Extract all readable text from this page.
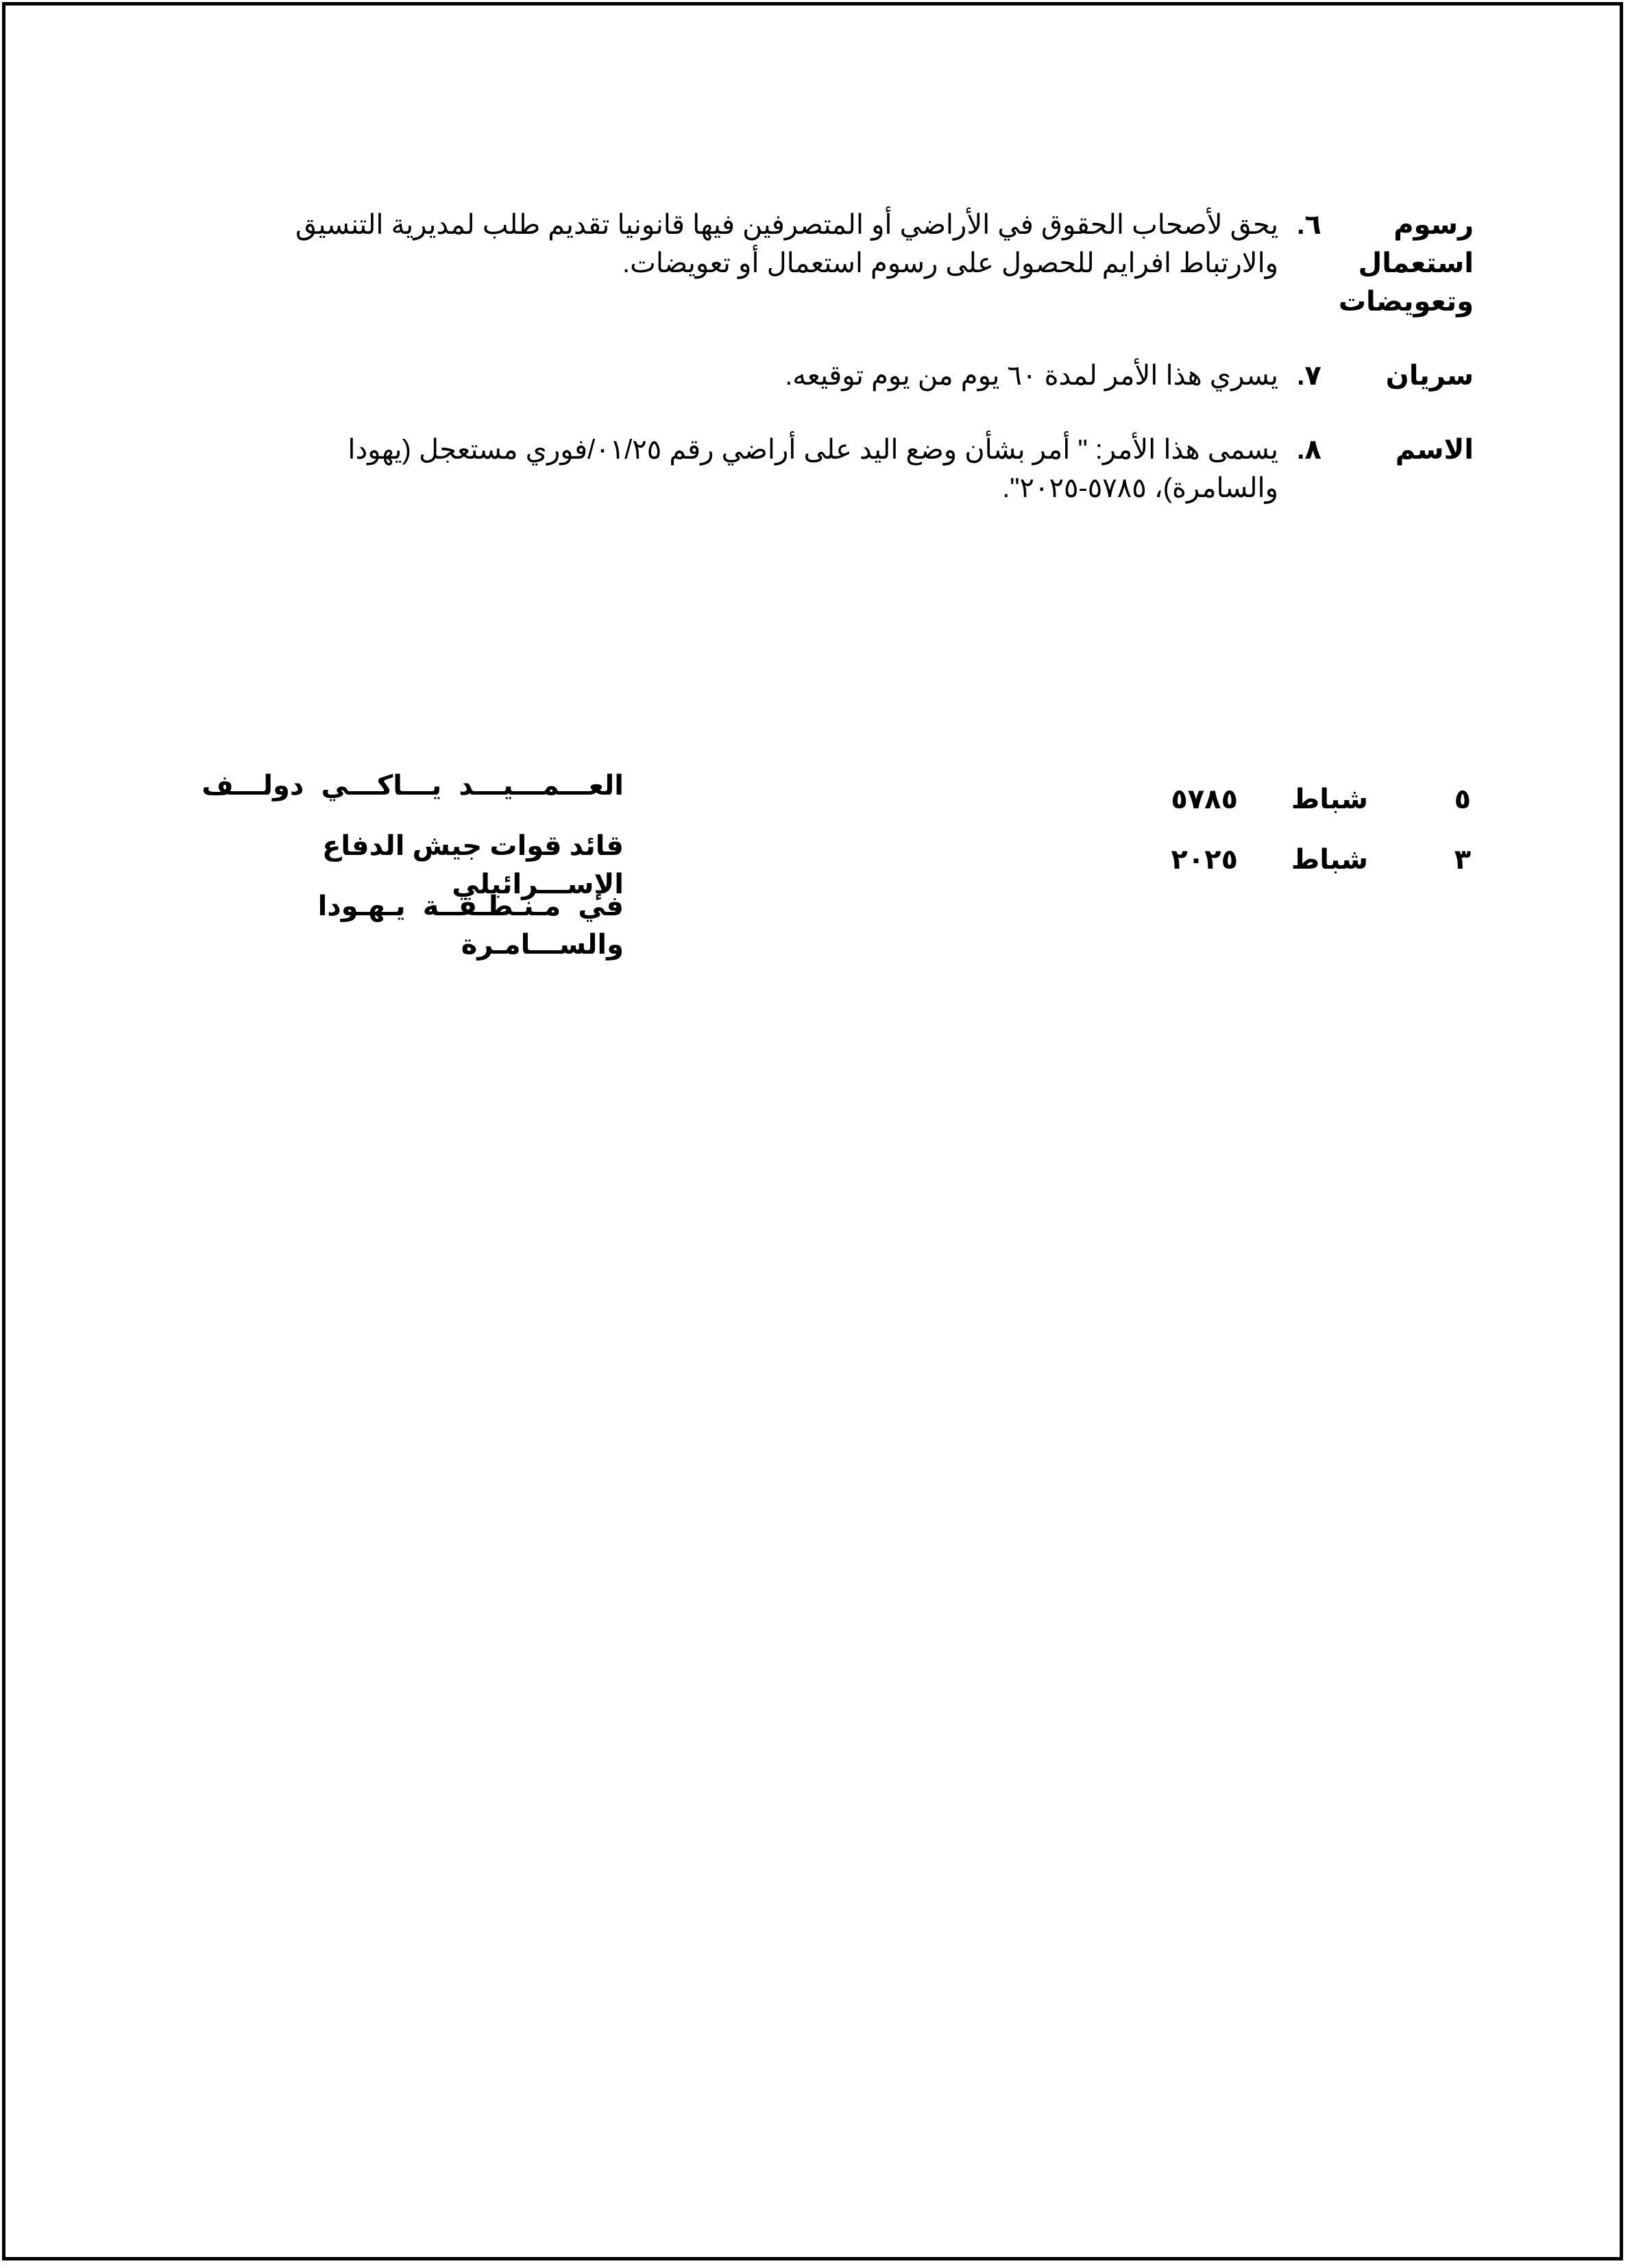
رسوم
استعمال
وتعويضات
٦.
يحق لأصحاب الحقوق في الأراضي أو المتصرفين فيها قانونيا تقديم طلب لمديرية التنسيق
والارتباط افرايم للحصول على رسوم استعمال أو تعويضات.
سريان
٧.
يسري هذا الأمر لمدة ٦٠ يوم من يوم توقيعه.
الاسم
٨.
يسمى هذا الأمر: " أمر بشأن وضع اليد على أراضي رقم ٠١/٢٥/فوري مستعجل (يهودا
والسامرة)، ٥٧٨٥-٢٠٢٥".
٥
شباط
٥٧٨٥
٣
شباط
٢٠٢٥
العـــمـــيـــد يـــاكـــي دولـــف
قائد قوات جيش الدفاع الإســـرائيلي
في مـنـطـقــة يـهـودا والســـامـرة
